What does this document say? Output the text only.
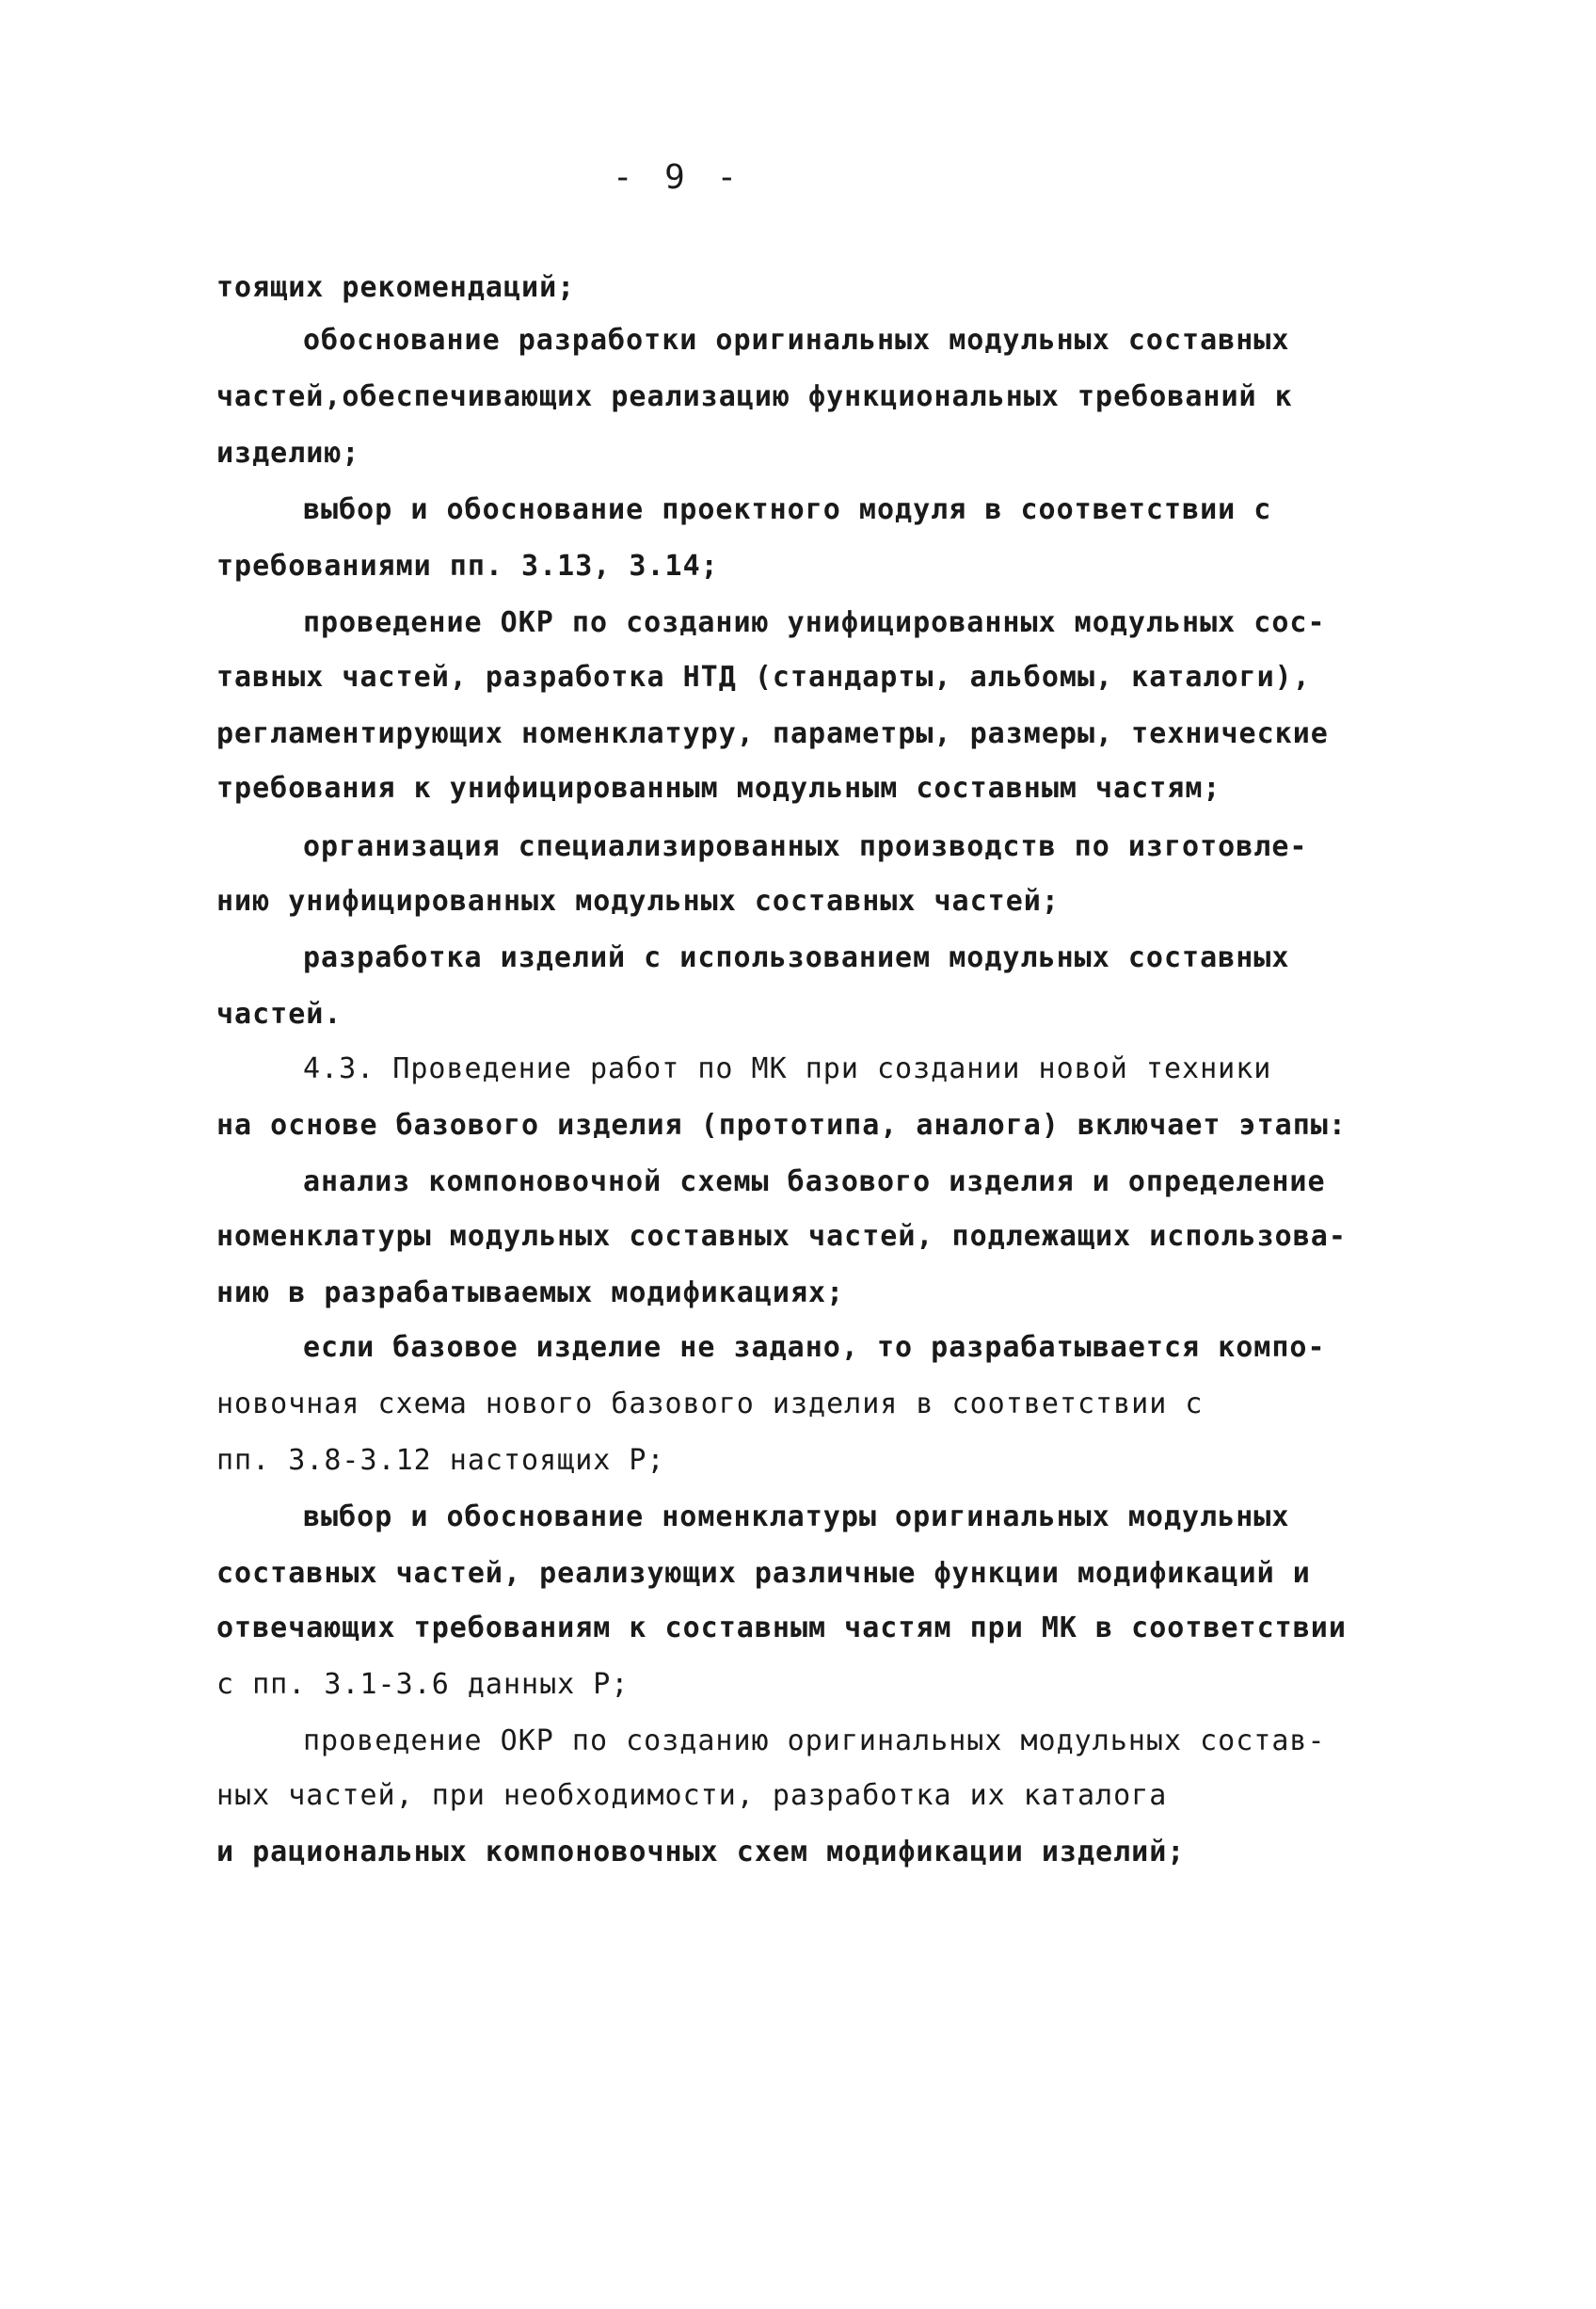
- 9 -
тоящих рекомендаций;
обоснование разработки оригинальных модульных составных
частей,обеспечивающих реализацию функциональных требований к
изделию;
выбор и обоснование проектного модуля в соответствии с
требованиями пп. 3.13, 3.14;
проведение ОКР по созданию унифицированных модульных сос-
тавных частей, разработка НТД (стандарты, альбомы, каталоги),
регламентирующих номенклатуру, параметры, размеры, технические
требования к унифицированным модульным составным частям;
организация специализированных производств по изготовле-
нию унифицированных модульных составных частей;
разработка изделий с использованием модульных составных
частей.
4.3. Проведение работ по МК при создании новой техники
на основе базового изделия (прототипа, аналога) включает этапы:
анализ компоновочной схемы базового изделия и определение
номенклатуры модульных составных частей, подлежащих использова-
нию в разрабатываемых модификациях;
если базовое изделие не задано, то разрабатывается компо-
новочная схема нового базового изделия в соответствии с
пп. 3.8-3.12 настоящих Р;
выбор и обоснование номенклатуры оригинальных модульных
составных частей, реализующих различные функции модификаций и
отвечающих требованиям к составным частям при МК в соответствии
с пп. 3.1-3.6 данных Р;
проведение ОКР по созданию оригинальных модульных состав-
ных частей, при необходимости, разработка их каталога
и рациональных компоновочных схем модификации изделий;
